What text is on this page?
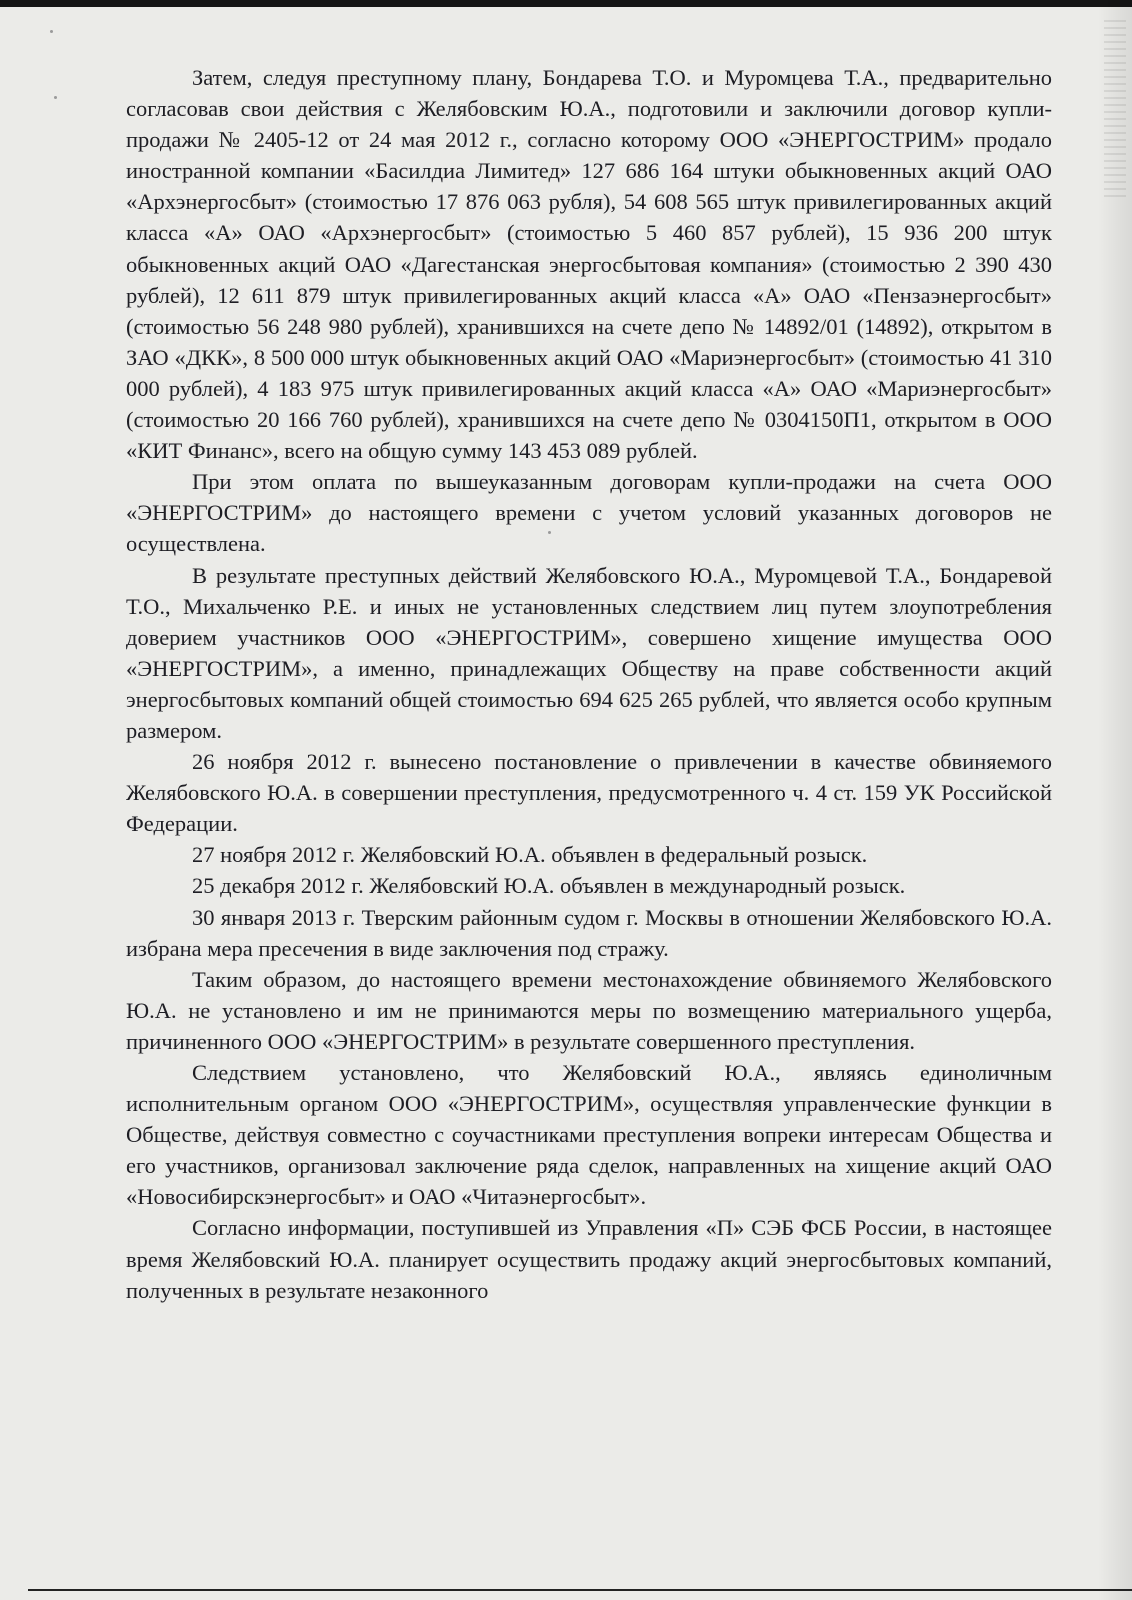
Затем, следуя преступному плану, Бондарева Т.О. и Муромцева Т.А., предварительно согласовав свои действия с Желябовским Ю.А., подготовили и заключили договор купли-продажи № 2405-12 от 24 мая 2012 г., согласно которому ООО «ЭНЕРГОСТРИМ» продало иностранной компании «Басилдиа Лимитед» 127 686 164 штуки обыкновенных акций ОАО «Архэнергосбыт» (стоимостью 17 876 063 рубля), 54 608 565 штук привилегированных акций класса «А» ОАО «Архэнергосбыт» (стоимостью 5 460 857 рублей), 15 936 200 штук обыкновенных акций ОАО «Дагестанская энергосбытовая компания» (стоимостью 2 390 430 рублей), 12 611 879 штук привилегированных акций класса «А» ОАО «Пензаэнергосбыт» (стоимостью 56 248 980 рублей), хранившихся на счете депо № 14892/01 (14892), открытом в ЗАО «ДКК», 8 500 000 штук обыкновенных акций ОАО «Мариэнергосбыт» (стоимостью 41 310 000 рублей), 4 183 975 штук привилегированных акций класса «А» ОАО «Мариэнергосбыт» (стоимостью 20 166 760 рублей), хранившихся на счете депо № 0304150П1, открытом в ООО «КИТ Финанс», всего на общую сумму 143 453 089 рублей.

При этом оплата по вышеуказанным договорам купли-продажи на счета ООО «ЭНЕРГОСТРИМ» до настоящего времени с учетом условий указанных договоров не осуществлена.

В результате преступных действий Желябовского Ю.А., Муромцевой Т.А., Бондаревой Т.О., Михальченко Р.Е. и иных не установленных следствием лиц путем злоупотребления доверием участников ООО «ЭНЕРГОСТРИМ», совершено хищение имущества ООО «ЭНЕРГОСТРИМ», а именно, принадлежащих Обществу на праве собственности акций энергосбытовых компаний общей стоимостью 694 625 265 рублей, что является особо крупным размером.

26 ноября 2012 г. вынесено постановление о привлечении в качестве обвиняемого Желябовского Ю.А. в совершении преступления, предусмотренного ч. 4 ст. 159 УК Российской Федерации.

27 ноября 2012 г. Желябовский Ю.А. объявлен в федеральный розыск.

25 декабря 2012 г. Желябовский Ю.А. объявлен в международный розыск.

30 января 2013 г. Тверским районным судом г. Москвы в отношении Желябовского Ю.А. избрана мера пресечения в виде заключения под стражу.

Таким образом, до настоящего времени местонахождение обвиняемого Желябовского Ю.А. не установлено и им не принимаются меры по возмещению материального ущерба, причиненного ООО «ЭНЕРГОСТРИМ» в результате совершенного преступления.

Следствием установлено, что Желябовский Ю.А., являясь единоличным исполнительным органом ООО «ЭНЕРГОСТРИМ», осуществляя управленческие функции в Обществе, действуя совместно с соучастниками преступления вопреки интересам Общества и его участников, организовал заключение ряда сделок, направленных на хищение акций ОАО «Новосибирскэнергосбыт» и ОАО «Читаэнергосбыт».

Согласно информации, поступившей из Управления «П» СЭБ ФСБ России, в настоящее время Желябовский Ю.А. планирует осуществить продажу акций энергосбытовых компаний, полученных в результате незаконного
